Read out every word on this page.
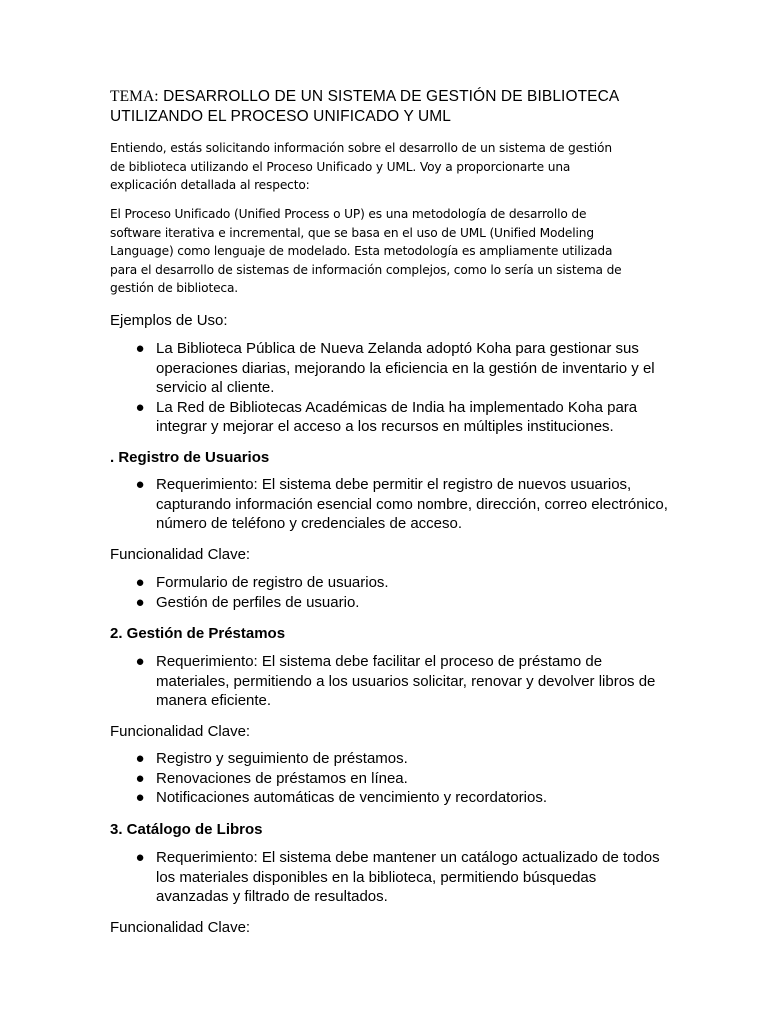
TEMA: DESARROLLO DE UN SISTEMA DE GESTIÓN DE BIBLIOTECA UTILIZANDO EL PROCESO UNIFICADO Y UML
Entiendo, estás solicitando información sobre el desarrollo de un sistema de gestión de biblioteca utilizando el Proceso Unificado y UML. Voy a proporcionarte una explicación detallada al respecto:
El Proceso Unificado (Unified Process o UP) es una metodología de desarrollo de software iterativa e incremental, que se basa en el uso de UML (Unified Modeling Language) como lenguaje de modelado. Esta metodología es ampliamente utilizada para el desarrollo de sistemas de información complejos, como lo sería un sistema de gestión de biblioteca.
Ejemplos de Uso:
● La Biblioteca Pública de Nueva Zelanda adoptó Koha para gestionar sus operaciones diarias, mejorando la eficiencia en la gestión de inventario y el servicio al cliente.
● La Red de Bibliotecas Académicas de India ha implementado Koha para integrar y mejorar el acceso a los recursos en múltiples instituciones.
. Registro de Usuarios
● Requerimiento: El sistema debe permitir el registro de nuevos usuarios, capturando información esencial como nombre, dirección, correo electrónico, número de teléfono y credenciales de acceso.
Funcionalidad Clave:
● Formulario de registro de usuarios.
● Gestión de perfiles de usuario.
2. Gestión de Préstamos
● Requerimiento: El sistema debe facilitar el proceso de préstamo de materiales, permitiendo a los usuarios solicitar, renovar y devolver libros de manera eficiente.
Funcionalidad Clave:
● Registro y seguimiento de préstamos.
● Renovaciones de préstamos en línea.
● Notificaciones automáticas de vencimiento y recordatorios.
3. Catálogo de Libros
● Requerimiento: El sistema debe mantener un catálogo actualizado de todos los materiales disponibles en la biblioteca, permitiendo búsquedas avanzadas y filtrado de resultados.
Funcionalidad Clave:
